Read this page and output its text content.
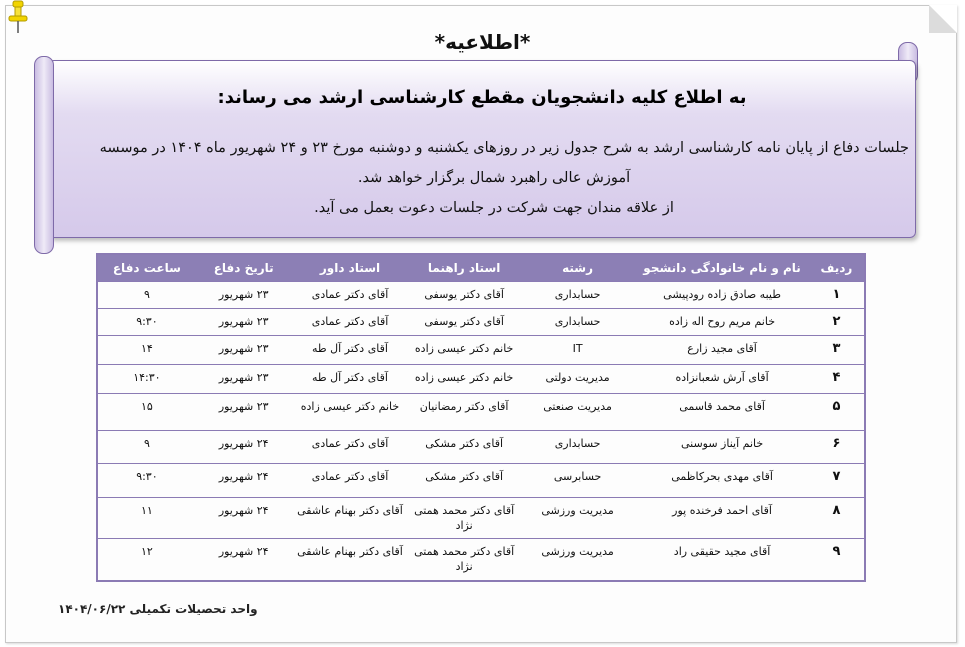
*اطلاعیه*
به اطلاع کلیه دانشجویان مقطع کارشناسی ارشد می رساند:

جلسات دفاع از پایان نامه کارشناسی ارشد به شرح جدول زیر در روزهای یکشنبه و دوشنبه مورخ ۲۳ و ۲۴ شهریور ماه ۱۴۰۴ در موسسه

آموزش عالی راهبرد شمال برگزار خواهد شد.

از علاقه مندان جهت شرکت در جلسات دعوت بعمل می آید.

ردیف	نام و نام خانوادگی دانشجو	رشته	استاد راهنما	استاد داور	تاریخ دفاع	ساعت دفاع
۱	طیبه صادق زاده رودپیشی	حسابداری	آقای دکتر یوسفی	آقای دکتر عمادی	۲۳ شهریور	۹
۲	خانم مریم روح اله زاده	حسابداری	آقای دکتر یوسفی	آقای دکتر عمادی	۲۳ شهریور	۹:۳۰
۳	آقای مجید زارع	IT	خانم دکتر عیسی زاده	آقای دکتر آل طه	۲۳ شهریور	۱۴
۴	آقای آرش شعبانزاده	مدیریت دولتی	خانم دکتر عیسی زاده	آقای دکتر آل طه	۲۳ شهریور	۱۴:۳۰
۵	آقای محمد قاسمی	مدیریت صنعتی	آقای دکتر رمضانیان	خانم دکتر عیسی زاده	۲۳ شهریور	۱۵
۶	خانم آیناز سوسنی	حسابداری	آقای دکتر مشکی	آقای دکتر عمادی	۲۴ شهریور	۹
۷	آقای مهدی بحرکاظمی	حسابرسی	آقای دکتر مشکی	آقای دکتر عمادی	۲۴ شهریور	۹:۳۰
۸	آقای احمد فرخنده پور	مدیریت ورزشی	آقای دکتر محمد همتی نژاد	آقای دکتر بهنام عاشقی	۲۴ شهریور	۱۱
۹	آقای مجید حقیقی راد	مدیریت ورزشی	آقای دکتر محمد همتی نژاد	آقای دکتر بهنام عاشقی	۲۴ شهریور	۱۲
واحد تحصیلات تکمیلی ۱۴۰۴/۰۶/۲۲
